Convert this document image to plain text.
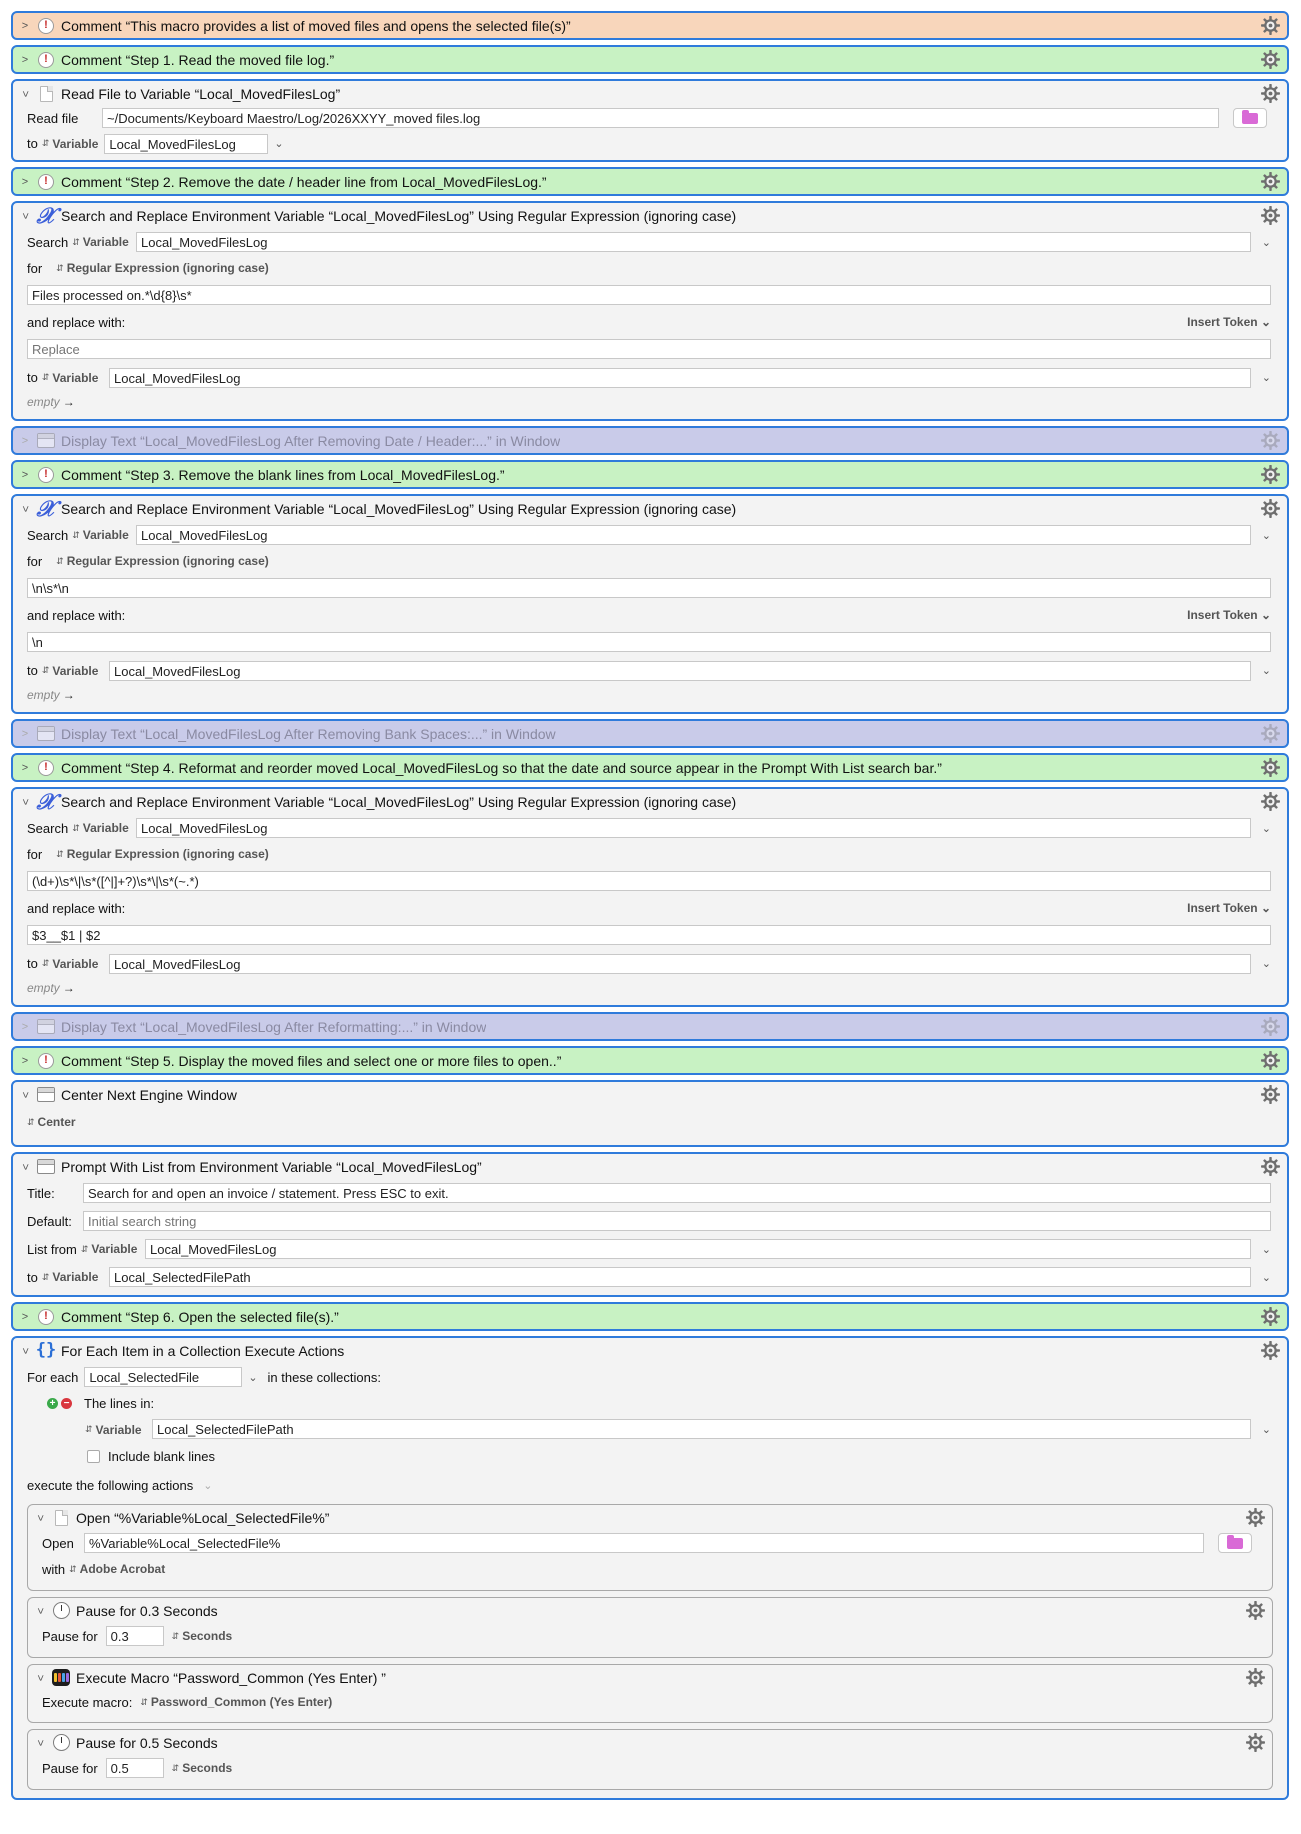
>	! Comment “This macro provides a list of moved files and opens the selected file(s)”
>	! Comment “Step 1. Read the moved file log.”
> Read File to Variable “Local_MovedFilesLog”
Read file	~/Documents/Keyboard Maestro/Log/2026XXYY_moved files.log
to ⇵ Variable Local_MovedFilesLog	⌄
>	! Comment “Step 2. Remove the date / header line from Local_MovedFilesLog.”
> 𝒳 Search and Replace Environment Variable “Local_MovedFilesLog” Using Regular Expression (ignoring case)
Search ⇵ Variable Local_MovedFilesLog	⌄
for ⇵ Regular Expression (ignoring case)
Files processed on.*\d{8}\s*
and replace with:	Insert Token ⌄
Replace
to ⇵ Variable	Local_MovedFilesLog	⌄
empty →
>	Display Text “Local_MovedFilesLog After Removing Date / Header:...” in Window
>	! Comment “Step 3. Remove the blank lines from Local_MovedFilesLog.”
> 𝒳 Search and Replace Environment Variable “Local_MovedFilesLog” Using Regular Expression (ignoring case)
Search ⇵ Variable Local_MovedFilesLog	⌄
for ⇵ Regular Expression (ignoring case)
\n\s*\n
and replace with:	Insert Token ⌄
\n
to ⇵ Variable	Local_MovedFilesLog	⌄
empty →
>	Display Text “Local_MovedFilesLog After Removing Bank Spaces:...” in Window
>	! Comment “Step 4. Reformat and reorder moved Local_MovedFilesLog so that the date and source appear in the Prompt With List search bar.”
> 𝒳 Search and Replace Environment Variable “Local_MovedFilesLog” Using Regular Expression (ignoring case)
Search ⇵ Variable Local_MovedFilesLog	⌄
for ⇵ Regular Expression (ignoring case)
(\d+)\s*\|\s*([^|]+?)\s*\|\s*(~.*)
and replace with:	Insert Token ⌄
$3__$1 | $2
to ⇵ Variable	Local_MovedFilesLog	⌄
empty →
>	Display Text “Local_MovedFilesLog After Reformatting:...” in Window
>	! Comment “Step 5. Display the moved files and select one or more files to open..”
> Center Next Engine Window
⇵ Center
> Prompt With List from Environment Variable “Local_MovedFilesLog”
Title:	Search for and open an invoice / statement. Press ESC to exit.
Default:
Initial search string
List from ⇵ Variable Local_MovedFilesLog	⌄
to ⇵ Variable	Local_SelectedFilePath	⌄
>	! Comment “Step 6. Open the selected file(s).”
> {} For Each Item in a Collection Execute Actions
For each Local_SelectedFile	⌄ in these collections:
+ − The lines in:
⇵ Variable	Local_SelectedFilePath	⌄
Include blank lines
execute the following actions ⌄
> Open “%Variable%Local_SelectedFile%”
Open	%Variable%Local_SelectedFile%
with ⇵ Adobe Acrobat
> Pause for 0.3 Seconds
Pause for	0.3	⇵ Seconds
> Execute Macro “Password_Common (Yes Enter) ”
Execute macro: ⇵ Password_Common (Yes Enter)
> Pause for 0.5 Seconds
Pause for	0.5	⇵ Seconds
